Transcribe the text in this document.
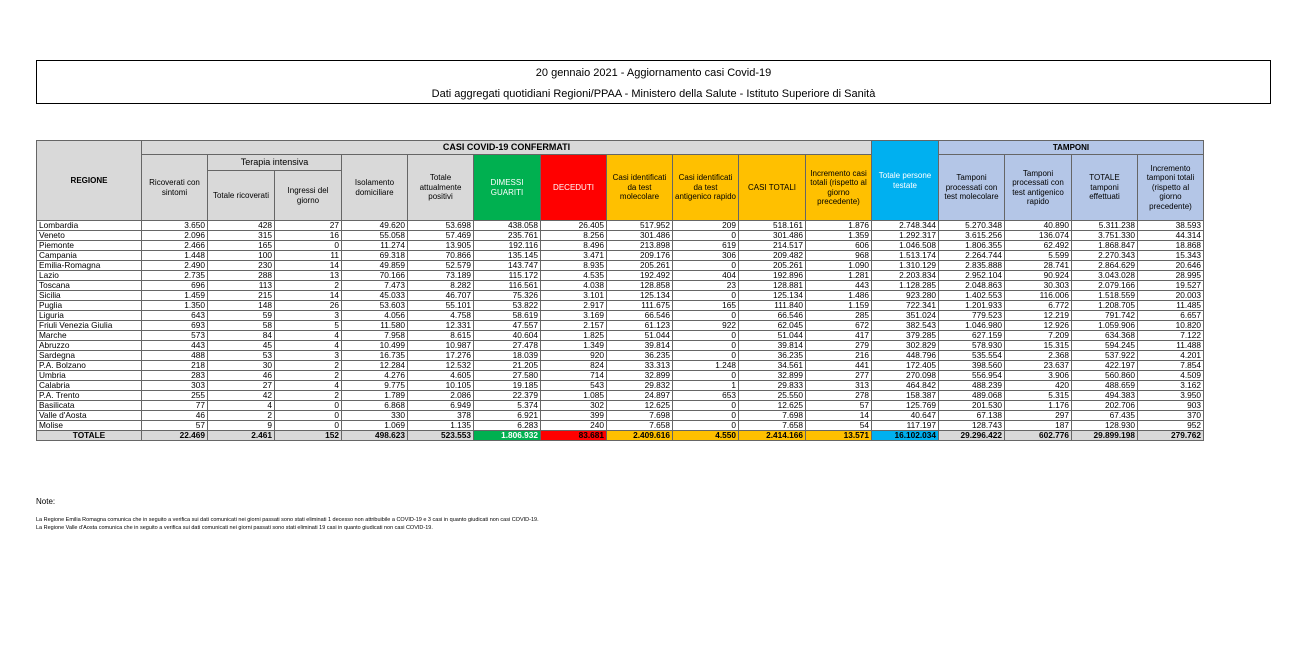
20 gennaio 2021 - Aggiornamento casi Covid-19
Dati aggregati quotidiani Regioni/PPAA - Ministero della Salute - Istituto Superiore di Sanità
REGIONE	CASI COVID-19 CONFERMATI											Totale persone testate	TAMPONI			
	Ricoverati con sintomi	Terapia intensiva		Isolamento domiciliare	Totale attualmente positivi	DIMESSI GUARITI	DECEDUTI	Casi identificati da test molecolare	Casi identificati da test antigenico rapido	CASI TOTALI	Incremento casi totali (rispetto al giorno precedente)		Tamponi processati con test molecolare	Tamponi processati con test antigenico rapido	TOTALE tamponi effettuati	Incremento tamponi totali (rispetto al giorno precedente)
		Totale ricoverati	Ingressi del giorno													
Lombardia	3.650	428	27	49.620	53.698	438.058	26.405	517.952	209	518.161	1.876	2.748.344	5.270.348	40.890	5.311.238	38.593
Veneto	2.096	315	16	55.058	57.469	235.761	8.256	301.486	0	301.486	1.359	1.292.317	3.615.256	136.074	3.751.330	44.314
Piemonte	2.466	165	0	11.274	13.905	192.116	8.496	213.898	619	214.517	606	1.046.508	1.806.355	62.492	1.868.847	18.868
Campania	1.448	100	11	69.318	70.866	135.145	3.471	209.176	306	209.482	968	1.513.174	2.264.744	5.599	2.270.343	15.343
Emilia-Romagna	2.490	230	14	49.859	52.579	143.747	8.935	205.261	0	205.261	1.090	1.310.129	2.835.888	28.741	2.864.629	20.646
Lazio	2.735	288	13	70.166	73.189	115.172	4.535	192.492	404	192.896	1.281	2.203.834	2.952.104	90.924	3.043.028	28.995
Toscana	696	113	2	7.473	8.282	116.561	4.038	128.858	23	128.881	443	1.128.285	2.048.863	30.303	2.079.166	19.527
Sicilia	1.459	215	14	45.033	46.707	75.326	3.101	125.134	0	125.134	1.486	923.280	1.402.553	116.006	1.518.559	20.003
Puglia	1.350	148	26	53.603	55.101	53.822	2.917	111.675	165	111.840	1.159	722.341	1.201.933	6.772	1.208.705	11.485
Liguria	643	59	3	4.056	4.758	58.619	3.169	66.546	0	66.546	285	351.024	779.523	12.219	791.742	6.657
Friuli Venezia Giulia	693	58	5	11.580	12.331	47.557	2.157	61.123	922	62.045	672	382.543	1.046.980	12.926	1.059.906	10.820
Marche	573	84	4	7.958	8.615	40.604	1.825	51.044	0	51.044	417	379.285	627.159	7.209	634.368	7.122
Abruzzo	443	45	4	10.499	10.987	27.478	1.349	39.814	0	39.814	279	302.829	578.930	15.315	594.245	11.488
Sardegna	488	53	3	16.735	17.276	18.039	920	36.235	0	36.235	216	448.796	535.554	2.368	537.922	4.201
P.A. Bolzano	218	30	2	12.284	12.532	21.205	824	33.313	1.248	34.561	441	172.405	398.560	23.637	422.197	7.854
Umbria	283	46	2	4.276	4.605	27.580	714	32.899	0	32.899	277	270.098	556.954	3.906	560.860	4.509
Calabria	303	27	4	9.775	10.105	19.185	543	29.832	1	29.833	313	464.842	488.239	420	488.659	3.162
P.A. Trento	255	42	2	1.789	2.086	22.379	1.085	24.897	653	25.550	278	158.387	489.068	5.315	494.383	3.950
Basilicata	77	4	0	6.868	6.949	5.374	302	12.625	0	12.625	57	125.769	201.530	1.176	202.706	903
Valle d'Aosta	46	2	0	330	378	6.921	399	7.698	0	7.698	14	40.647	67.138	297	67.435	370
Molise	57	9	0	1.069	1.135	6.283	240	7.658	0	7.658	54	117.197	128.743	187	128.930	952
TOTALE	22.469	2.461	152	498.623	523.553	1.806.932	83.681	2.409.616	4.550	2.414.166	13.571	16.102.034	29.296.422	602.776	29.899.198	279.762
Note:
La Regione Emilia Romagna comunica che in seguito a verifica sui dati comunicati nei giorni passati sono stati eliminati 1 decesso non attribuibile a COVID-19 e 3 casi in quanto giudicati non casi COVID-19.
La Regione Valle d'Aosta comunica che in seguito a verifica sui dati comunicati nei giorni passati sono stati eliminati 19 casi in quanto giudicati non casi COVID-19.
